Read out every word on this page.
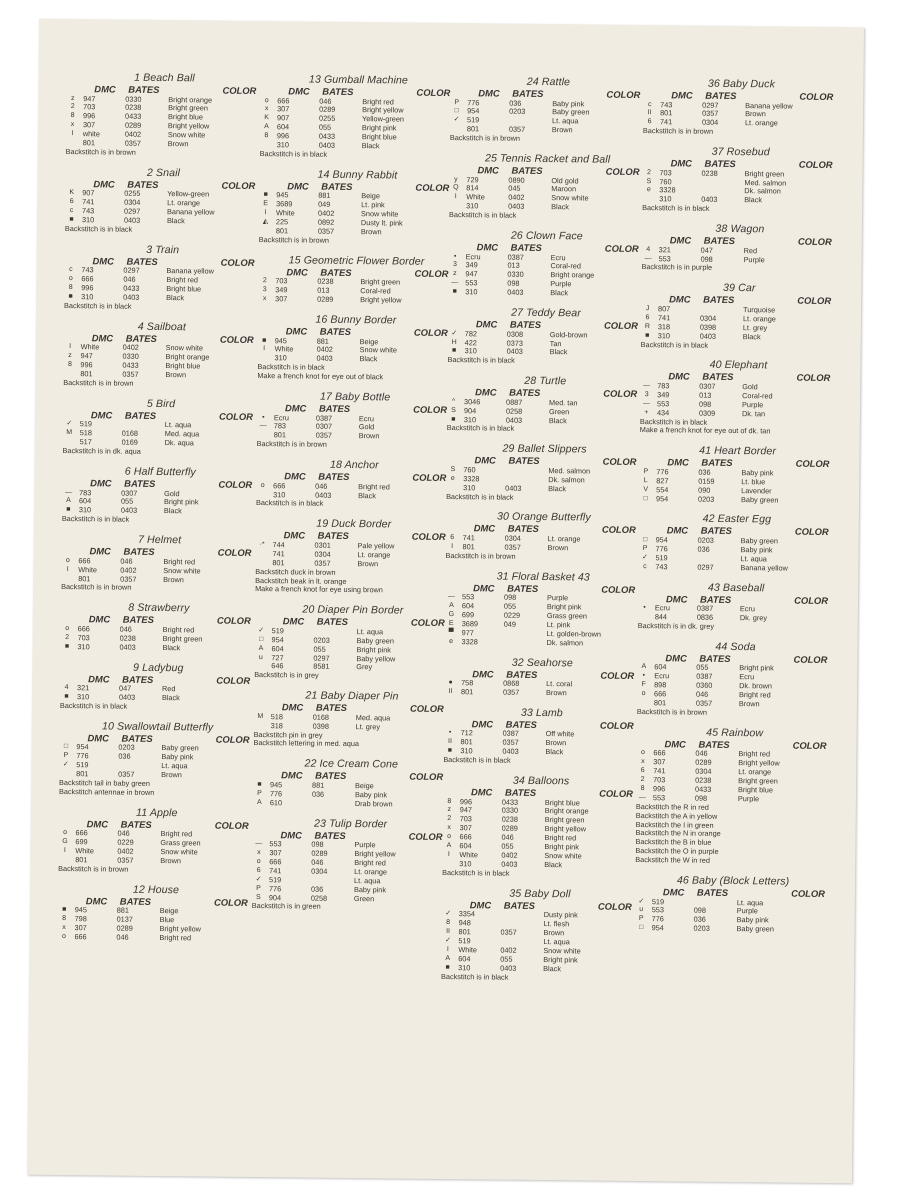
1 Beach Ball
DMC	BATES	COLOR
z	947	0330	Bright orange
2	703	0238	Bright green
8	996	0433	Bright blue
x	307	0289	Bright yellow
I	white	0402	Snow white
801	0357	Brown
Backstitch is in brown
2 Snail
DMC	BATES	COLOR
K	907	0255	Yellow-green
6	741	0304	Lt. orange
c	743	0297	Banana yellow
■	310	0403	Black
Backstitch is in black
3 Train
DMC	BATES	COLOR
c	743	0297	Banana yellow
o	666	046	Bright red
8	996	0433	Bright blue
■	310	0403	Black
Backstitch is in black
4 Sailboat
DMC	BATES	COLOR
I	White	0402	Snow white
z	947	0330	Bright orange
8	996	0433	Bright blue
801	0357	Brown
Backstitch is in brown
5 Bird
DMC	BATES	COLOR
✓	519	Lt. aqua
M	518	0168	Med. aqua
517	0169	Dk. aqua
Backstitch is in dk. aqua
6 Half Butterfly
DMC	BATES	COLOR
— 783	0307	Gold
A	604	055	Bright pink
■	310	0403	Black
Backstitch is in black
7 Helmet
DMC	BATES	COLOR
o	666	046	Bright red
I	White	0402	Snow white
801	0357	Brown
Backstitch is in brown
8 Strawberry
DMC	BATES	COLOR
o	666	046	Bright red
2	703	0238	Bright green
■	310	0403	Black
9 Ladybug
DMC	BATES	COLOR
4	321	047	Red
■	310	0403	Black
Backstitch is in black
10 Swallowtail Butterfly
DMC	BATES	COLOR
□	954	0203	Baby green
P	776	036	Baby pink
✓	519	Lt. aqua
801	0357	Brown
Backstitch tail in baby green
Backstitch antennae in brown
11 Apple
DMC	BATES	COLOR
o	666	046	Bright red
G	699	0229	Grass green
I	White	0402	Snow white
801	0357	Brown
Backstitch is in brown
12 House
DMC	BATES	COLOR
■	945	881	Beige
8	798	0137	Blue
x	307	0289	Bright yellow
o	666	046	Bright red
13 Gumball Machine
DMC	BATES	COLOR
o	666	046	Bright red
x	307	0289	Bright yellow
K	907	0255	Yellow-green
A	604	055	Bright pink
8	996	0433	Bright blue
310	0403	Black
Backstitch is in black
14 Bunny Rabbit
DMC	BATES	COLOR
■	945	881	Beige
E	3689	049	Lt. pink
I	White	0402	Snow white
◭	225	0892	Dusty lt. pink
801	0357	Brown
Backstitch is in brown
15 Geometric Flower Border
DMC	BATES	COLOR
2	703	0238	Bright green
3	349	013	Coral-red
x	307	0289	Bright yellow
16 Bunny Border
DMC	BATES	COLOR
■	945	881	Beige
I	White	0402	Snow white
310	0403	Black
Backstitch is in black
Make a french knot for eye out of black
17 Baby Bottle
DMC	BATES	COLOR
•	Ecru	0387	Ecru
— 783	0307	Gold
801	0357	Brown
Backstitch is in brown
18 Anchor
DMC	BATES	COLOR
o	666	046	Bright red
310	0403	Black
Backstitch is in black
19 Duck Border
DMC	BATES	COLOR
·*	744	0301	Pale yellow
741	0304	Lt. orange
801	0357	Brown
Backstitch duck in brown
Backstitch beak in lt. orange
Make a french knot for eye using brown
20 Diaper Pin Border
DMC	BATES	COLOR
✓	519	Lt. aqua
□	954	0203	Baby green
A	604	055	Bright pink
u	727	0297	Baby yellow
646	8581	Grey
Backstitch is in grey
21 Baby Diaper Pin
DMC	BATES	COLOR
M	518	0168	Med. aqua
318	0398	Lt. grey
Backstitch pin in grey
Backstitch lettering in med. aqua
22 Ice Cream Cone
DMC	BATES	COLOR
■	945	881	Beige
P	776	036	Baby pink
A	610	Drab brown
23 Tulip Border
DMC	BATES	COLOR
— 553	098	Purple
x	307	0289	Bright yellow
o	666	046	Bright red
6	741	0304	Lt. orange
✓	519	Lt. aqua
P	776	036	Baby pink
S	904	0258	Green
Backstitch is in green
24 Rattle
DMC	BATES	COLOR
P	776	036	Baby pink
□	954	0203	Baby green
✓	519	Lt. aqua
801	0357	Brown
Backstitch is in brown
25 Tennis Racket and Ball
DMC	BATES	COLOR
y	729	0890	Old gold
Q	814	045	Maroon
I	White	0402	Snow white
310	0403	Black
Backstitch is in black
26 Clown Face
DMC	BATES	COLOR
•	Ecru	0387	Ecru
3	349	013	Coral-red
z	947	0330	Bright orange
— 553	098	Purple
■	310	0403	Black
27 Teddy Bear
DMC	BATES	COLOR
✓	782	0308	Gold-brown
H	422	0373	Tan
■	310	0403	Black
Backstitch is in black
28 Turtle
DMC	BATES	COLOR
^	3046	0887	Med. tan
S	904	0258	Green
■	310	0403	Black
Backstitch is in black
29 Ballet Slippers
DMC	BATES	COLOR
S	760	Med. salmon
e	3328	Dk. salmon
310	0403	Black
Backstitch is in black
30 Orange Butterfly
DMC	BATES	COLOR
6	741	0304	Lt. orange
I	801	0357	Brown
Backstitch is in brown
31 Floral Basket 43
DMC	BATES	COLOR
— 553	098	Purple
A	604	055	Bright pink
G	699	0229	Grass green
E	3689	049	Lt. pink
▀	977	Lt. golden-brown
e	3328	Dk. salmon
32 Seahorse
DMC	BATES	COLOR
●	758	0868	Lt. coral
II	801	0357	Brown
33 Lamb
DMC	BATES	COLOR
•	712	0387	Off white
II	801	0357	Brown
■	310	0403	Black
Backstitch is in black
34 Balloons
DMC	BATES	COLOR
8	996	0433	Bright blue
z	947	0330	Bright orange
2	703	0238	Bright green
x	307	0289	Bright yellow
o	666	046	Bright red
A	604	055	Bright pink
I	White	0402	Snow white
310	0403	Black
Backstitch is in black
35 Baby Doll
DMC	BATES	COLOR
✓	3354	Dusty pink
8	948	Lt. flesh
II	801	0357	Brown
✓	519	Lt. aqua
I	White	0402	Snow white
A	604	055	Bright pink
■	310	0403	Black
Backstitch is in black
36 Baby Duck
DMC	BATES	COLOR
c	743	0297	Banana yellow
II	801	0357	Brown
6	741	0304	Lt. orange
Backstitch is in brown
37 Rosebud
DMC	BATES	COLOR
2	703	0238	Bright green
S	760	Med. salmon
e	3328	Dk. salmon
310	0403	Black
Backstitch is in black
38 Wagon
DMC	BATES	COLOR
4	321	047	Red
— 553	098	Purple
Backstitch is in purple
39 Car
DMC	BATES	COLOR
J	807	Turquoise
6	741	0304	Lt. orange
R	318	0398	Lt. grey
■	310	0403	Black
Backstitch is in black
40 Elephant
DMC	BATES	COLOR
— 783	0307	Gold
3	349	013	Coral-red
— 553	098	Purple
+	434	0309	Dk. tan
Backstitch is in black
Make a french knot for eye out of dk. tan
41 Heart Border
DMC	BATES	COLOR
P	776	036	Baby pink
L	827	0159	Lt. blue
V	554	090	Lavender
□	954	0203	Baby green
42 Easter Egg
DMC	BATES	COLOR
□	954	0203	Baby green
P	776	036	Baby pink
✓	519	Lt. aqua
c	743	0297	Banana yellow
43 Baseball
DMC	BATES	COLOR
•	Ecru	0387	Ecru
844	0836	Dk. grey
Backstitch is in dk. grey
44 Soda
DMC	BATES	COLOR
A	604	055	Bright pink
•	Ecru	0387	Ecru
F	898	0360	Dk. brown
o	666	046	Bright red
801	0357	Brown
Backstitch is in brown
45 Rainbow
DMC	BATES	COLOR
o	666	046	Bright red
x	307	0289	Bright yellow
6	741	0304	Lt. orange
2	703	0238	Bright green
8	996	0433	Bright blue
— 553	098	Purple
Backstitch the R in red
Backstitch the A in yellow
Backstitch the I in green
Backstitch the N in orange
Backstitch the B in blue
Backstitch the O in purple
Backstitch the W in red
46 Baby (Block Letters)
DMC	BATES	COLOR
✓	519	Lt. aqua
u	553	098	Purple
P	776	036	Baby pink
□	954	0203	Baby green
